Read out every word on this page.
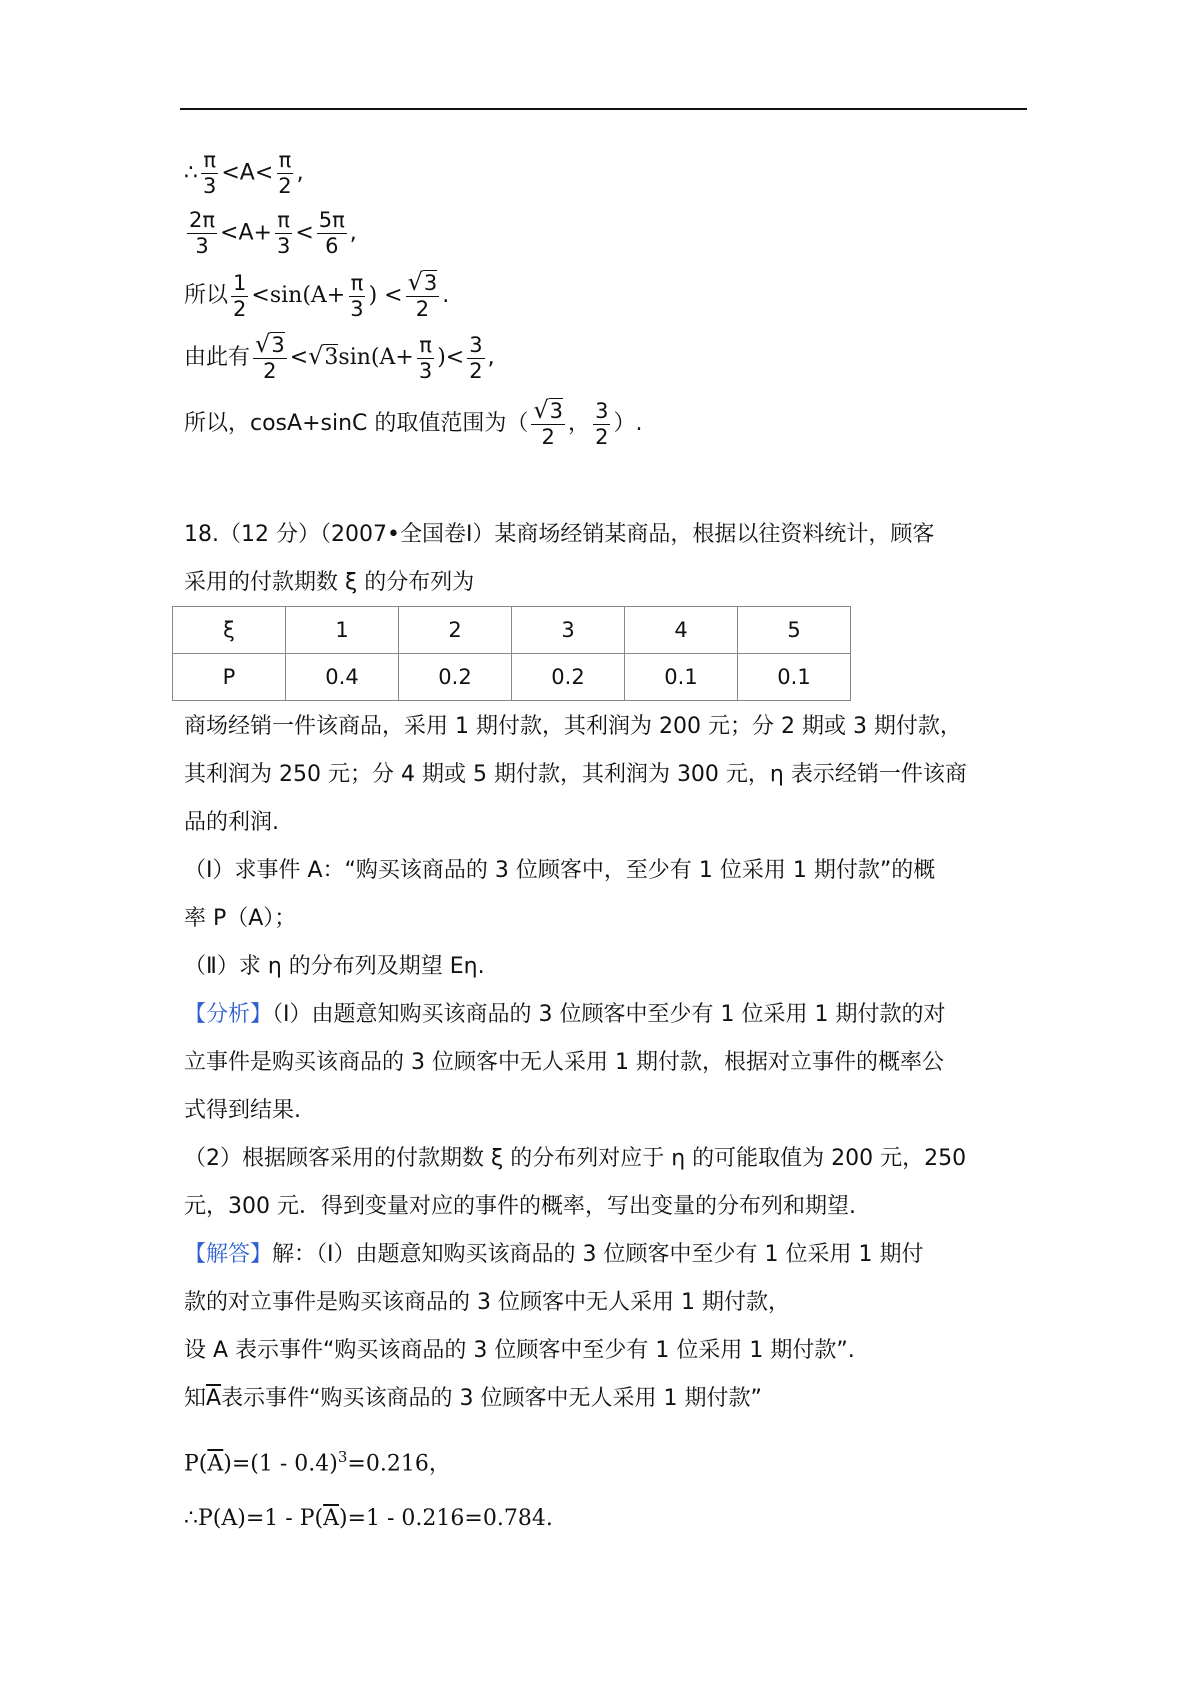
∴ $\frac{\pi}{3} <A< \frac{\pi}{2}$ ,
$\frac{2\pi}{3} <A+ \frac{\pi}{3} < \frac{5\pi}{6}$ ,
所以 $\frac{1}{2} <\sin(A+ \frac{\pi}{3}$ ) < $\frac{√3}{2}$ .
由此有 $\frac{√3}{2} <√3\sin(A+ \frac{\pi}{3}$ )< $\frac{3}{2}$ ,
所以，cosA+sinC 的取值范围为（ $\frac{√3}{2}$ ， $\frac{3}{2}$ ）.
18.（12 分）（2007•全国卷Ⅰ）某商场经销某商品，根据以往资料统计，顾客
采用的付款期数 ξ 的分布列为
ξ	1	2	3	4	5
P	0.4	0.2	0.2	0.1	0.1
商场经销一件该商品，采用 1 期付款，其利润为 200 元；分 2 期或 3 期付款，
其利润为 250 元；分 4 期或 5 期付款，其利润为 300 元，η 表示经销一件该商
品的利润.
（Ⅰ）求事件 A：“购买该商品的 3 位顾客中，至少有 1 位采用 1 期付款”的概
率 P（A）；
（Ⅱ）求 η 的分布列及期望 Eη.
【分析】（Ⅰ）由题意知购买该商品的 3 位顾客中至少有 1 位采用 1 期付款的对
立事件是购买该商品的 3 位顾客中无人采用 1 期付款，根据对立事件的概率公
式得到结果.
（2）根据顾客采用的付款期数 ξ 的分布列对应于 η 的可能取值为 200 元，250
元，300 元．得到变量对应的事件的概率，写出变量的分布列和期望.
【解答】解：（Ⅰ）由题意知购买该商品的 3 位顾客中至少有 1 位采用 1 期付
款的对立事件是购买该商品的 3 位顾客中无人采用 1 期付款，
设 A 表示事件“购买该商品的 3 位顾客中至少有 1 位采用 1 期付款”.
知$\overline{A}$表示事件“购买该商品的 3 位顾客中无人采用 1 期付款”
$P(\overline{A})=(1 - 0.4)^3=0.216$，
∴P(A)=1 - $P(\overline{A})=1 - 0.216=0.784$.
